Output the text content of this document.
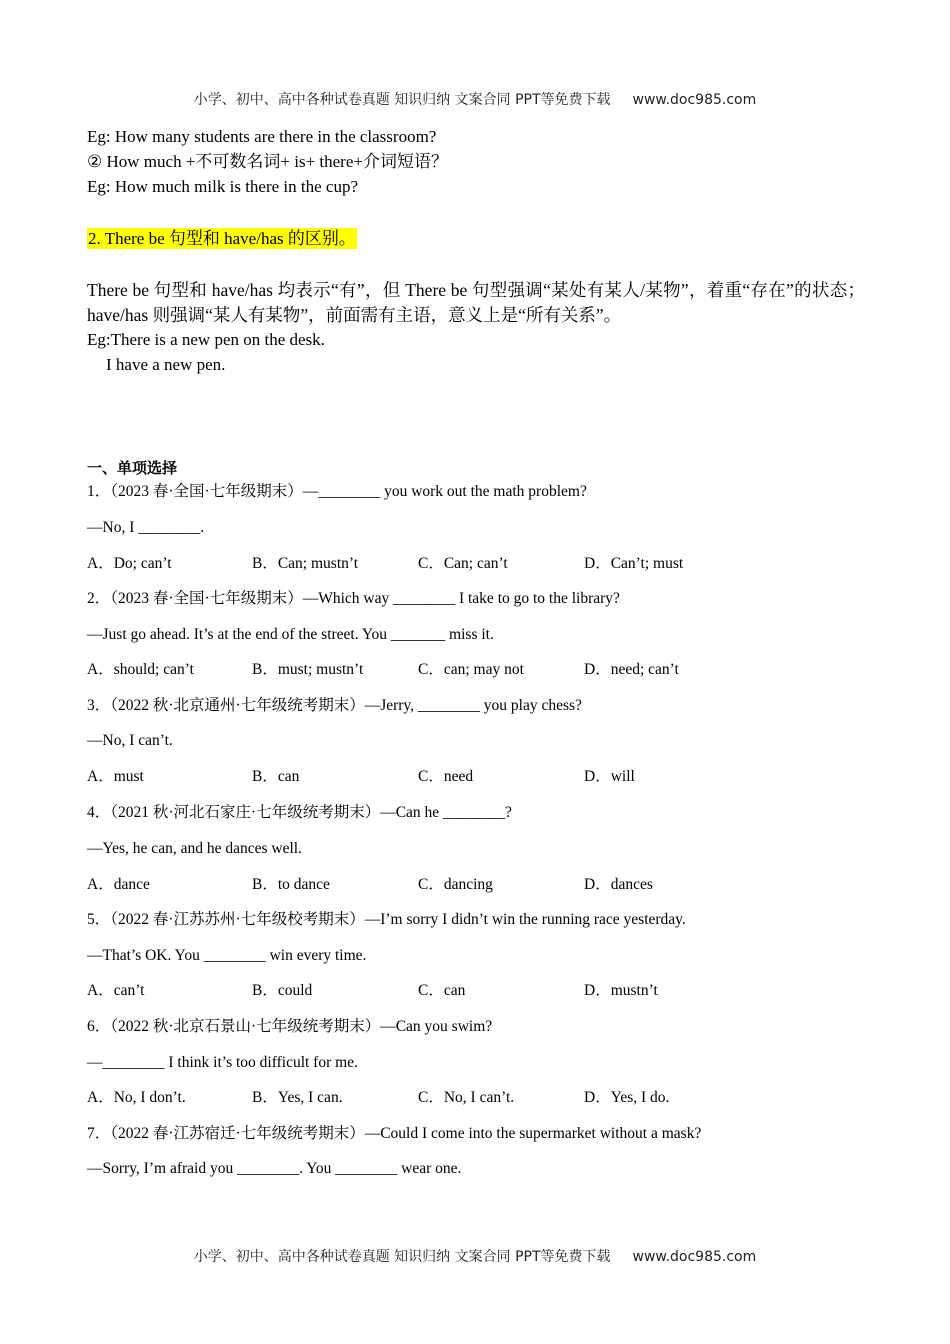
小学、初中、高中各种试卷真题 知识归纳 文案合同 PPT等免费下载 www.doc985.com
Eg: How many students are there in the classroom?
② How much +不可数名词+ is+ there+介词短语？
Eg: How much milk is there in the cup?
2. There be 句型和 have/has 的区别。
There be 句型和 have/has 均表示“有”，但 There be 句型强调“某处有某人/某物”，着重“存在”的状态；have/has 则强调“某人有某物”，前面需有主语，意义上是“所有关系”。
Eg:There is a new pen on the desk.
I have a new pen.
一、单项选择
1．（2023 春·全国·七年级期末）—________ you work out the math problem?
—No, I ________.
A．Do; can’t	B．Can; mustn’t	C．Can; can’t	D．Can’t; must
2．（2023 春·全国·七年级期末）—Which way ________ I take to go to the library?
—Just go ahead. It’s at the end of the street. You _______ miss it.
A．should; can’t	B．must; mustn’t	C．can; may not	D．need; can’t
3．（2022 秋·北京通州·七年级统考期末）—Jerry, ________ you play chess?
—No, I can’t.
A．must	B．can	C．need	D．will
4．（2021 秋·河北石家庄·七年级统考期末）—Can he ________?
—Yes, he can, and he dances well.
A．dance	B．to dance	C．dancing	D．dances
5．（2022 春·江苏苏州·七年级校考期末）—I’m sorry I didn’t win the running race yesterday.
—That’s OK. You ________ win every time.
A．can’t	B．could	C．can	D．mustn’t
6．（2022 秋·北京石景山·七年级统考期末）—Can you swim?
—________ I think it’s too difficult for me.
A．No, I don’t.	B．Yes, I can.	C．No, I can’t.	D．Yes, I do.
7．（2022 春·江苏宿迁·七年级统考期末）—Could I come into the supermarket without a mask?
—Sorry, I’m afraid you ________. You ________ wear one.
小学、初中、高中各种试卷真题 知识归纳 文案合同 PPT等免费下载 www.doc985.com
